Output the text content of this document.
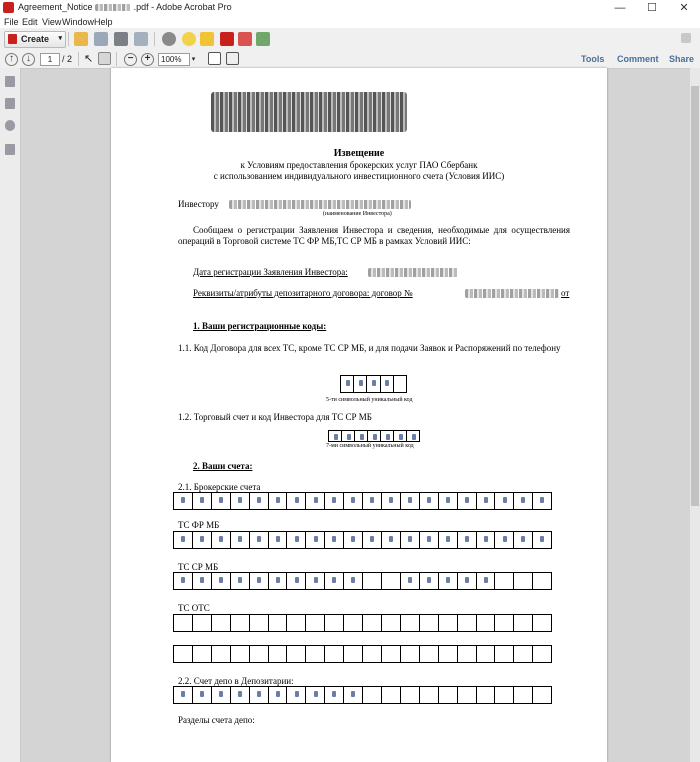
Agreement_Notice	.pdf - Adobe Acrobat Pro	—	☐	✕
File Edit View Window Help
Create ▾
↑	↓	1	/ 2 ↖	−	+	100%	▾	Tools Comment Share
Извещение
к Условиям предоставления брокерских услуг ПАО Сбербанк
с использованием индивидуального инвестиционного счета (Условия ИИС)
Инвестору
(наименование Инвестора)
Сообщаем о регистрации Заявления Инвестора и сведения, необходимые для осуществления операций в Торговой системе ТС ФР МБ,ТС СР МБ в рамках Условий ИИС:
Дата регистрации Заявления Инвестора:
Реквизиты/атрибуты депозитарного договора: договор №	от
1. Ваши регистрационные коды:
1.1. Код Договора для всех ТС, кроме ТС СР МБ, и для подачи Заявок и Распоряжений по телефону
5-ти символьный уникальный код
1.2. Торговый счет и код Инвестора для ТС СР МБ
7-ми символьный уникальный код
2. Ваши счета:
2.1. Брокерские счета
ТС ФР МБ
ТС СР МБ
ТС ОТС
2.2. Счет депо в Депозитарии:
Разделы счета депо:
